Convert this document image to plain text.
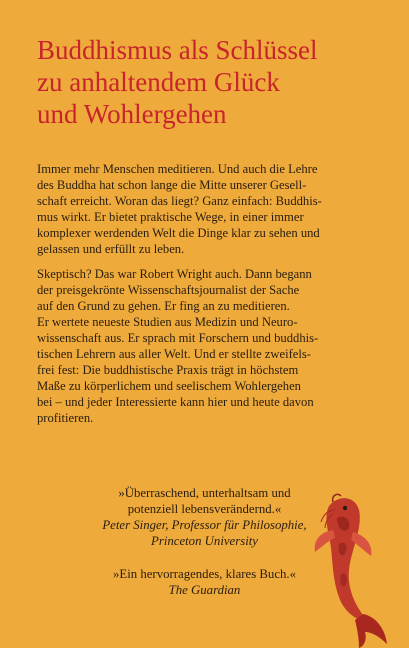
Buddhismus als Schlüssel
zu anhaltendem Glück
und Wohlergehen

Immer mehr Menschen meditieren. Und auch die Lehre
des Buddha hat schon lange die Mitte unserer Gesell-
schaft erreicht. Woran das liegt? Ganz einfach: Buddhis-
mus wirkt. Er bietet praktische Wege, in einer immer
komplexer werdenden Welt die Dinge klar zu sehen und
gelassen und erfüllt zu leben.

Skeptisch? Das war Robert Wright auch. Dann begann
der preisgekrönte Wissenschaftsjournalist der Sache
auf den Grund zu gehen. Er fing an zu meditieren.
Er wertete neueste Studien aus Medizin und Neuro-
wissenschaft aus. Er sprach mit Forschern und buddhis-
tischen Lehrern aus aller Welt. Und er stellte zweifels-
frei fest: Die buddhistische Praxis trägt in höchstem
Maße zu körperlichem und seelischem Wohlergehen
bei – und jeder Interessierte kann hier und heute davon
profitieren.

»Überraschend, unterhaltsam und
potenziell lebensverändernd.«
Peter Singer, Professor für Philosophie,
Princeton University
»Ein hervorragendes, klares Buch.«
The Guardian
